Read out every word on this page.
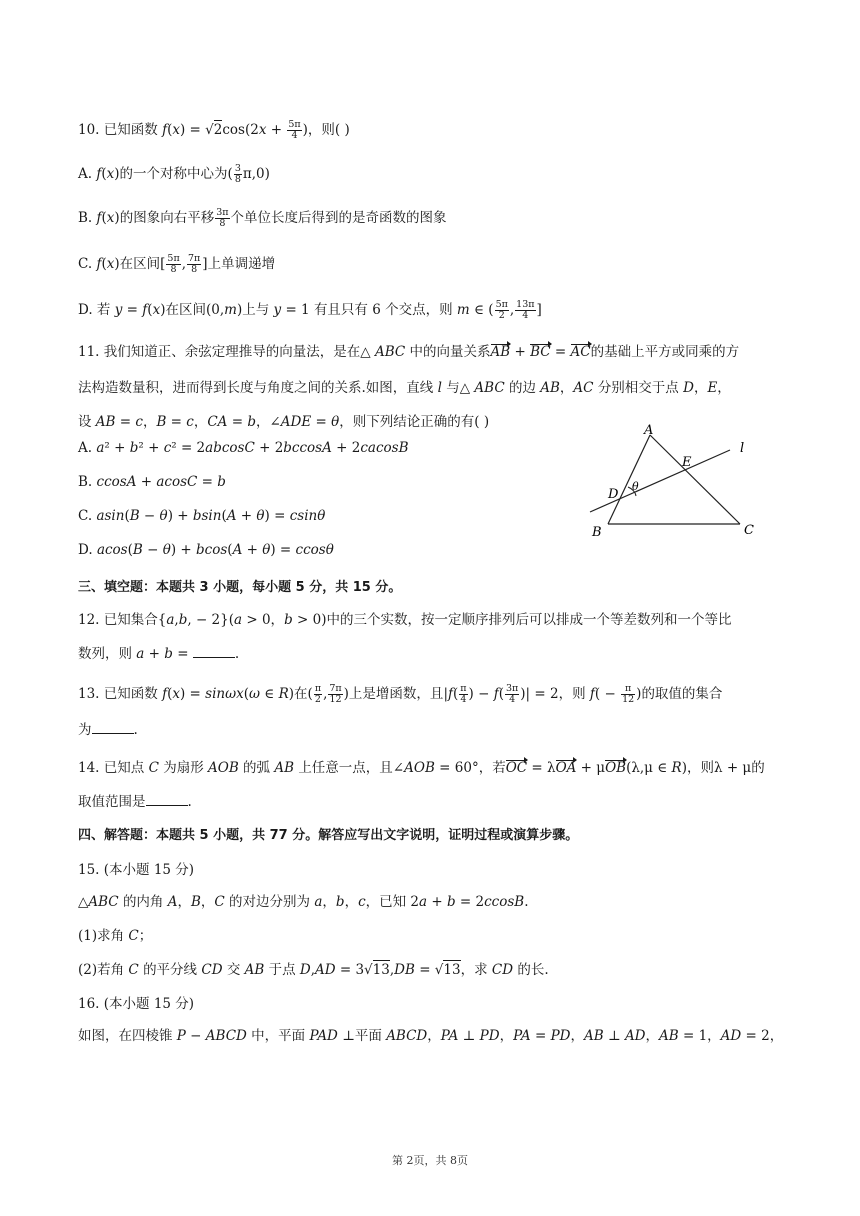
10. 已知函数 $f(x) = √2\cos(2x + \frac{5\pi}{4}$ )，则( )
A. f(x)的一个对称中心为( $\frac{3}{8} \pi,0$)
B. f(x)的图象向右平移 $\frac{3\pi}{8}$ 个单位长度后得到的是奇函数的图象
C. f(x)在区间[ $\frac{5\pi}{8}$ , $\frac{7\pi}{8}$ ]上单调递增
D. 若 y = f(x)在区间(0,m)上与 y = 1 有且只有 6 个交点，则 m ∈ ( $\frac{5\pi}{2}$ , $\frac{13\pi}{4}$ ]
11. 我们知道正、余弦定理推导的向量法，是在△ ABC 中的向量关系AB + BC = AC的基础上平方或同乘的方
法构造数量积，进而得到长度与角度之间的关系.如图，直线 l 与△ ABC 的边 AB，AC 分别相交于点 D，E，
设 AB = c，B = c，CA = b，∠ADE = θ，则下列结论正确的有( )
A. a² + b² + c² = 2abcosC + 2bccosA + 2cacosB
B. ccosA + acosC = b
C. asin(B − θ) + bsin(A + θ) = csinθ
D. acos(B − θ) + bcos(A + θ) = ccosθ
A
B	C
D
E
l
θ
三、填空题：本题共 3 小题，每小题 5 分，共 15 分。
12. 已知集合{a,b, − 2}(a > 0，b > 0)中的三个实数，按一定顺序排列后可以排成一个等差数列和一个等比
数列，则 a + b =	.
13. 已知函数 f(x) = sinωx(ω ∈ R)在( $\frac{\pi}{2}$ , $\frac{7\pi}{12}$ )上是增函数，且$|f( \frac{\pi}{4}$ ) − $f( \frac{3\pi}{4}$ )| = 2，则 $f( - \frac{\pi}{12}$ )的取值的集合
为	.
14. 已知点 C 为扇形 AOB 的弧 AB 上任意一点，且∠AOB = 60°，若OC = λOA + μOB(λ,μ ∈ R)，则λ + μ的
取值范围是	.
四、解答题：本题共 5 小题，共 77 分。解答应写出文字说明，证明过程或演算步骤。
15. (本小题 15 分)
△ABC 的内角 A，B，C 的对边分别为 a，b，c，已知 2a + b = 2ccosB.
(1)求角 C；
(2)若角 C 的平分线 CD 交 AB 于点 D,AD = 3√13,DB = √13，求 CD 的长.
16. (本小题 15 分)
如图，在四棱锥 P − ABCD 中，平面 PAD ⊥平面 ABCD，PA ⊥ PD，PA = PD，AB ⊥ AD，AB = 1，AD = 2，
第 2页，共 8页
